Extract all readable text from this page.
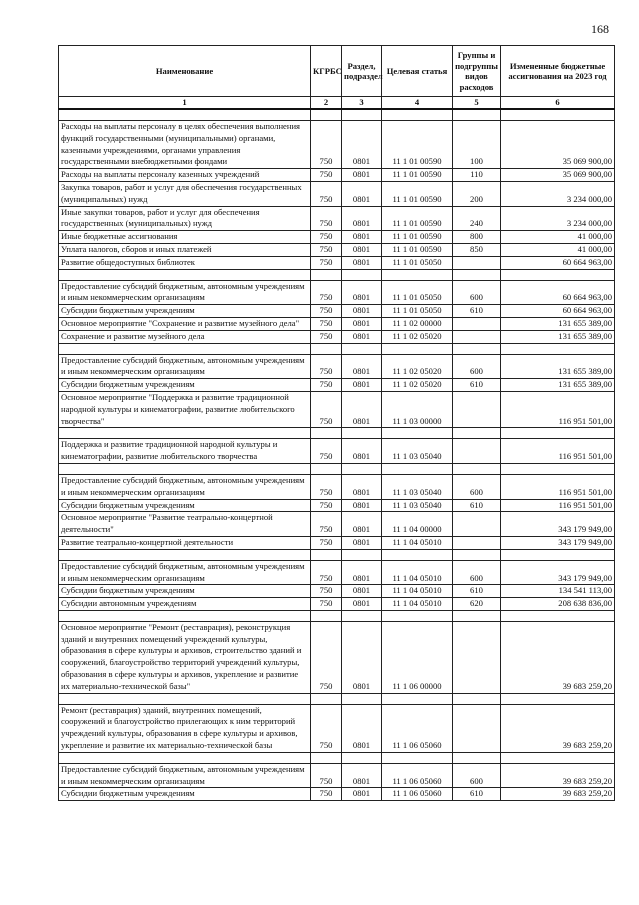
168
Наименование	КГРБС	Раздел, подраздел	Целевая статья	Группы и подгруппы видов расходов	Измененные бюджетные ассигнования на 2023 год
1	2	3	4	5	6

Расходы на выплаты персоналу в целях обеспечения выполнения функций государственными (муниципальными) органами, казенными учреждениями, органами управления государственными внебюджетными фондами	750	0801	11 1 01 00590	100	35 069 900,00
Расходы на выплаты персоналу казенных учреждений	750	0801	11 1 01 00590	110	35 069 900,00
Закупка товаров, работ и услуг для обеспечения государственных (муниципальных) нужд	750	0801	11 1 01 00590	200	3 234 000,00
Иные закупки товаров, работ и услуг для обеспечения государственных (муниципальных) нужд	750	0801	11 1 01 00590	240	3 234 000,00
Иные бюджетные ассигнования	750	0801	11 1 01 00590	800	41 000,00
Уплата налогов, сборов и иных платежей	750	0801	11 1 01 00590	850	41 000,00
Развитие общедоступных библиотек	750	0801	11 1 01 05050		60 664 963,00

Предоставление субсидий бюджетным, автономным учреждениям и иным некоммерческим организациям	750	0801	11 1 01 05050	600	60 664 963,00
Субсидии бюджетным учреждениям	750	0801	11 1 01 05050	610	60 664 963,00
Основное мероприятие "Сохранение и развитие музейного дела"	750	0801	11 1 02 00000		131 655 389,00
Сохранение и развитие музейного дела	750	0801	11 1 02 05020		131 655 389,00

Предоставление субсидий бюджетным, автономным учреждениям и иным некоммерческим организациям	750	0801	11 1 02 05020	600	131 655 389,00
Субсидии бюджетным учреждениям	750	0801	11 1 02 05020	610	131 655 389,00
Основное мероприятие "Поддержка и развитие традиционной народной культуры и кинематографии, развитие любительского творчества"	750	0801	11 1 03 00000		116 951 501,00

Поддержка и развитие традиционной народной культуры и кинематографии, развитие любительского творчества	750	0801	11 1 03 05040		116 951 501,00

Предоставление субсидий бюджетным, автономным учреждениям и иным некоммерческим организациям	750	0801	11 1 03 05040	600	116 951 501,00
Субсидии бюджетным учреждениям	750	0801	11 1 03 05040	610	116 951 501,00
Основное мероприятие "Развитие театрально-концертной деятельности"	750	0801	11 1 04 00000		343 179 949,00
Развитие театрально-концертной деятельности	750	0801	11 1 04 05010		343 179 949,00

Предоставление субсидий бюджетным, автономным учреждениям и иным некоммерческим организациям	750	0801	11 1 04 05010	600	343 179 949,00
Субсидии бюджетным учреждениям	750	0801	11 1 04 05010	610	134 541 113,00
Субсидии автономным учреждениям	750	0801	11 1 04 05010	620	208 638 836,00

Основное мероприятие "Ремонт (реставрация), реконструкция зданий и внутренних помещений учреждений культуры, образования в сфере культуры и архивов, строительство зданий и сооружений, благоустройство территорий учреждений культуры, образования в сфере культуры и архивов, укрепление и развитие их материально-технической базы"	750	0801	11 1 06 00000		39 683 259,20

Ремонт (реставрация) зданий, внутренних помещений, сооружений и благоустройство прилегающих к ним территорий учреждений культуры, образования в сфере культуры и архивов, укрепление и развитие их материально-технической базы	750	0801	11 1 06 05060		39 683 259,20

Предоставление субсидий бюджетным, автономным учреждениям и иным некоммерческим организациям	750	0801	11 1 06 05060	600	39 683 259,20
Субсидии бюджетным учреждениям	750	0801	11 1 06 05060	610	39 683 259,20
